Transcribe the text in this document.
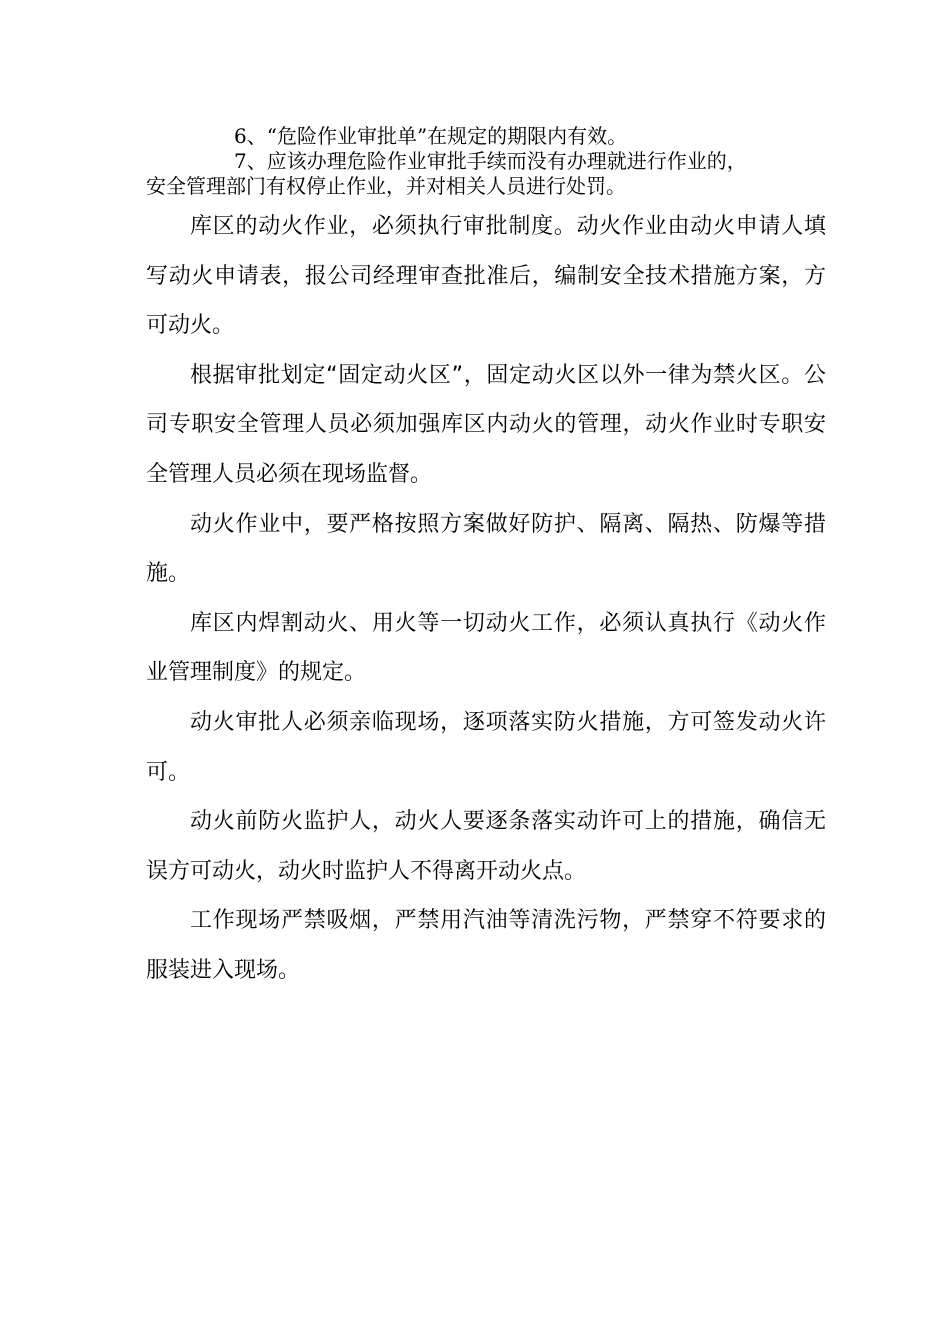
6、“危险作业审批单”在规定的期限内有效。
7、应该办理危险作业审批手续而没有办理就进行作业的，
安全管理部门有权停止作业，并对相关人员进行处罚。

库区的动火作业，必须执行审批制度。动火作业由动火申请人填写动火申请表，报公司经理审查批准后，编制安全技术措施方案，方可动火。

根据审批划定“固定动火区”，固定动火区以外一律为禁火区。公司专职安全管理人员必须加强库区内动火的管理，动火作业时专职安全管理人员必须在现场监督。

动火作业中，要严格按照方案做好防护、隔离、隔热、防爆等措施。

库区内焊割动火、用火等一切动火工作，必须认真执行《动火作业管理制度》的规定。

动火审批人必须亲临现场，逐项落实防火措施，方可签发动火许可。

动火前防火监护人，动火人要逐条落实动许可上的措施，确信无误方可动火，动火时监护人不得离开动火点。

工作现场严禁吸烟，严禁用汽油等清洗污物，严禁穿不符要求的服装进入现场。
